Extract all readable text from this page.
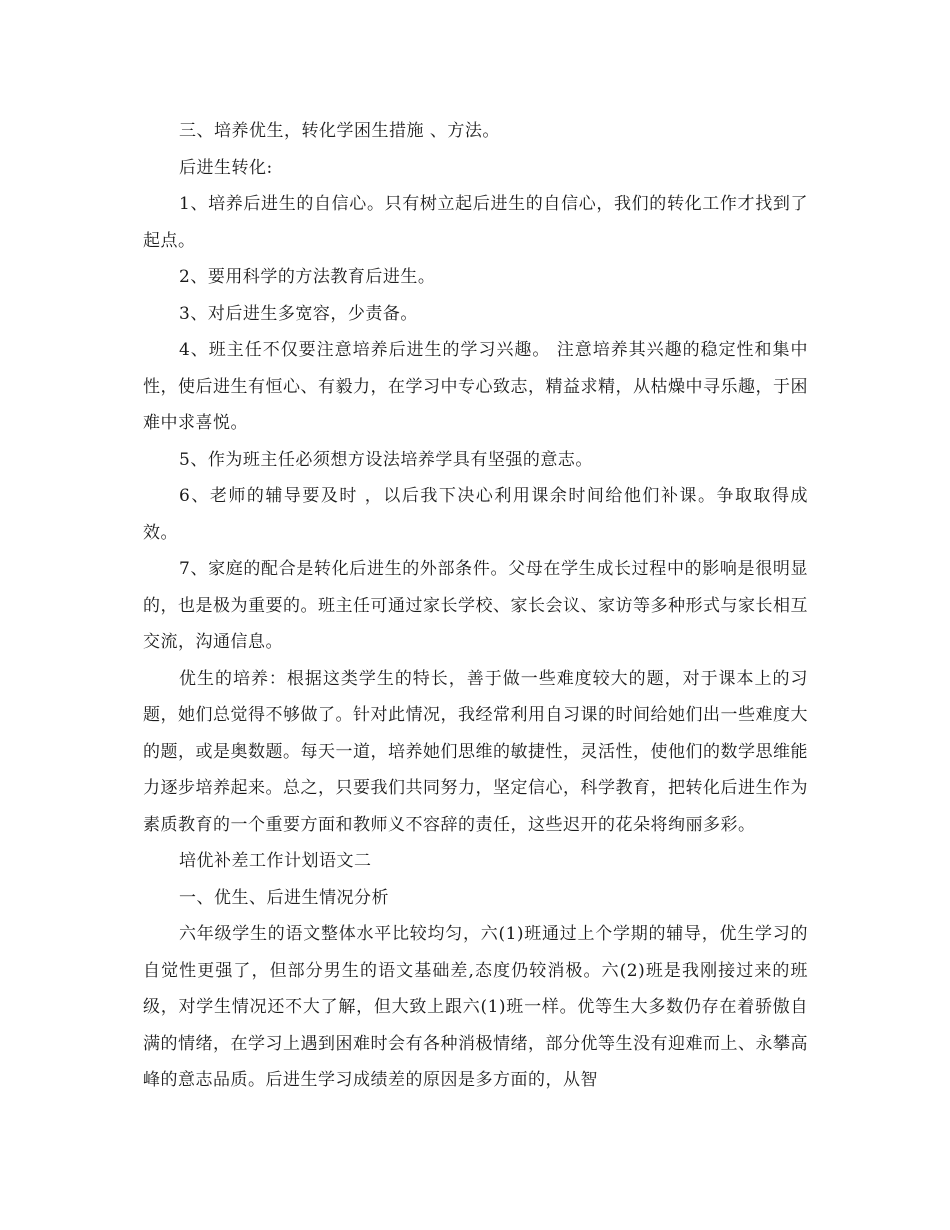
三、培养优生，转化学困生措施 、方法。

后进生转化:

1、培养后进生的自信心。只有树立起后进生的自信心，我们的转化工作才找到了起点。

2、要用科学的方法教育后进生。

3、对后进生多宽容，少责备。

4、班主任不仅要注意培养后进生的学习兴趣。 注意培养其兴趣的稳定性和集中性，使后进生有恒心、有毅力，在学习中专心致志，精益求精，从枯燥中寻乐趣，于困难中求喜悦。

5、作为班主任必须想方设法培养学具有坚强的意志。

6、老师的辅导要及时 ，以后我下决心利用课余时间给他们补课。争取取得成效。

7、家庭的配合是转化后进生的外部条件。父母在学生成长过程中的影响是很明显的，也是极为重要的。班主任可通过家长学校、家长会议、家访等多种形式与家长相互交流，沟通信息。

优生的培养：根据这类学生的特长，善于做一些难度较大的题，对于课本上的习题，她们总觉得不够做了。针对此情况，我经常利用自习课的时间给她们出一些难度大的题，或是奥数题。每天一道，培养她们思维的敏捷性，灵活性，使他们的数学思维能力逐步培养起来。总之，只要我们共同努力，坚定信心，科学教育，把转化后进生作为素质教育的一个重要方面和教师义不容辞的责任，这些迟开的花朵将绚丽多彩。

培优补差工作计划语文二

一、优生、后进生情况分析

六年级学生的语文整体水平比较均匀，六(1)班通过上个学期的辅导，优生学习的自觉性更强了，但部分男生的语文基础差,态度仍较消极。六(2)班是我刚接过来的班级，对学生情况还不大了解，但大致上跟六(1)班一样。优等生大多数仍存在着骄傲自满的情绪，在学习上遇到困难时会有各种消极情绪，部分优等生没有迎难而上、永攀高峰的意志品质。后进生学习成绩差的原因是多方面的，从智
